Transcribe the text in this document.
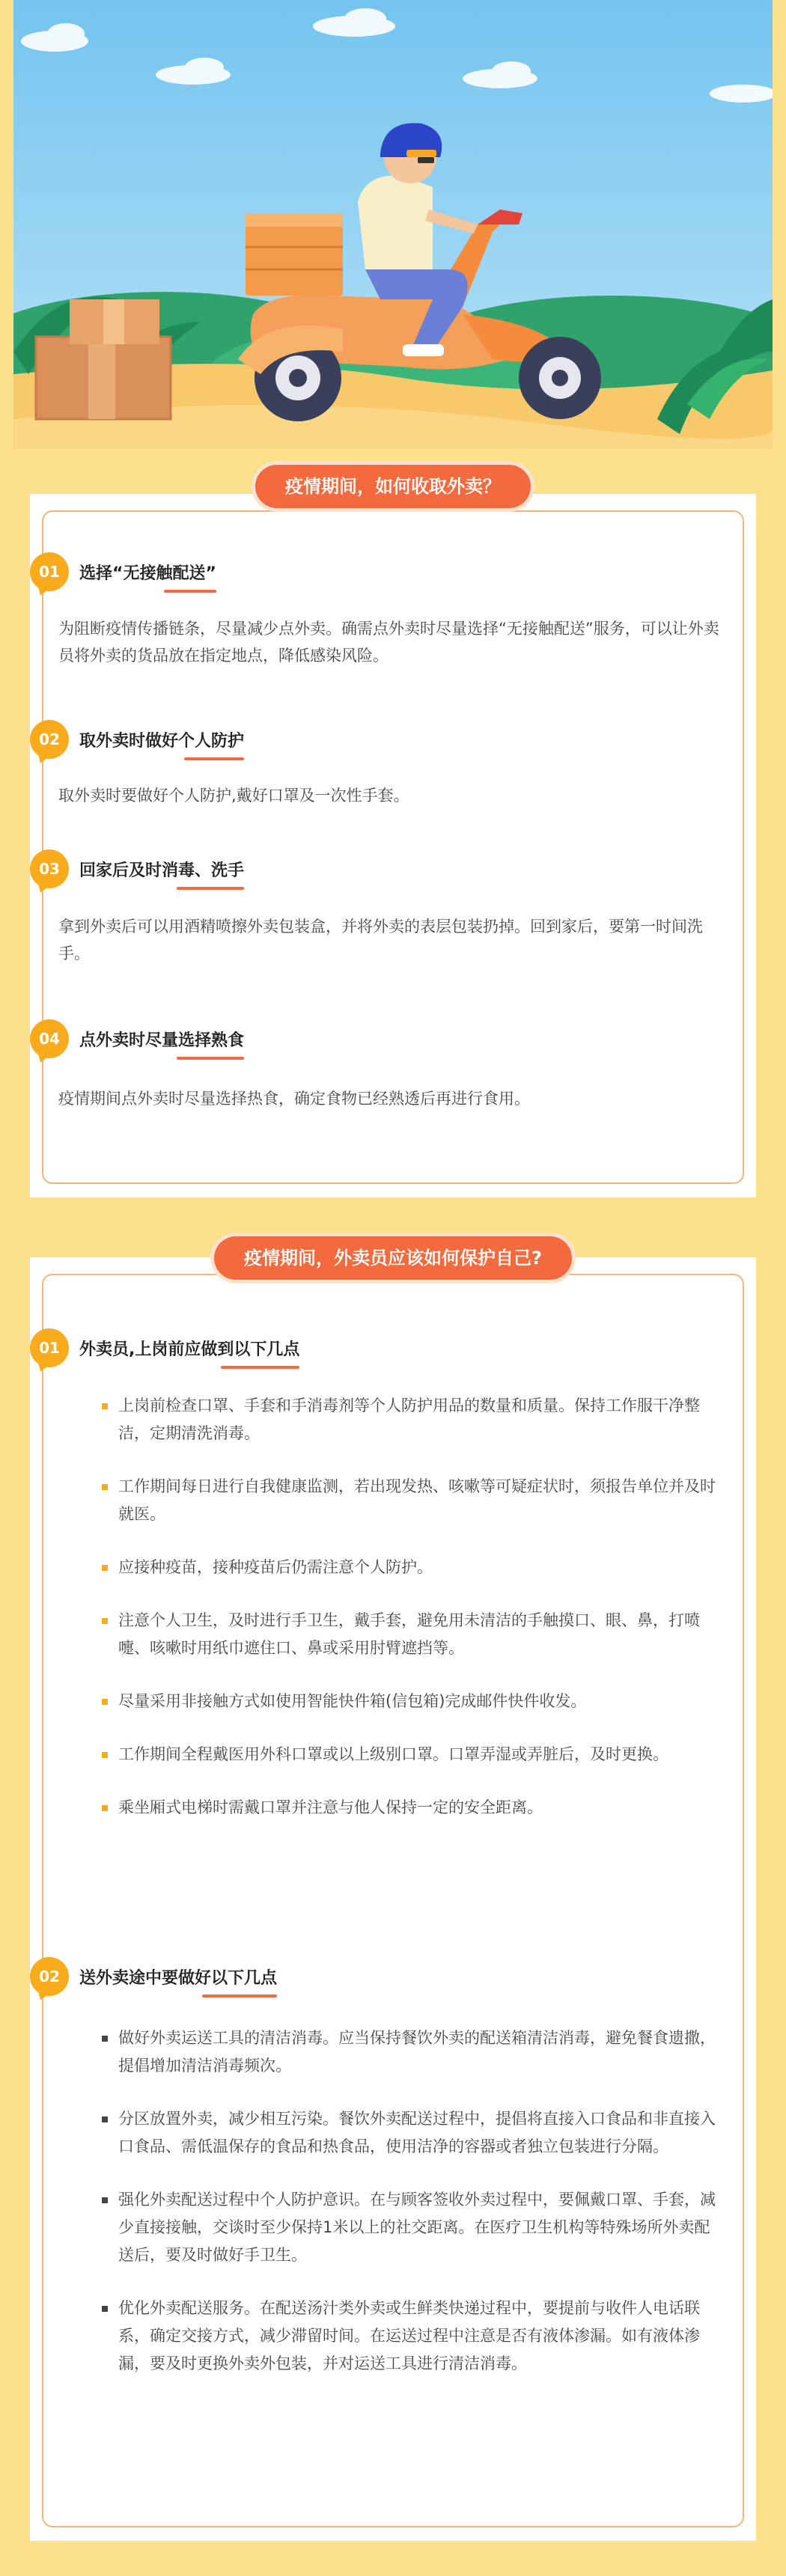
疫情期间，如何收取外卖？
01	选择“无接触配送”

为阻断疫情传播链条，尽量减少点外卖。确需点外卖时尽量选择“无接触配送”服务，可以让外卖员将外卖的货品放在指定地点，降低感染风险。

02	取外卖时做好个人防护

取外卖时要做好个人防护,戴好口罩及一次性手套。

03	回家后及时消毒、洗手

拿到外卖后可以用酒精喷擦外卖包装盒，并将外卖的表层包装扔掉。回到家后，要第一时间洗手。

04	点外卖时尽量选择熟食

疫情期间点外卖时尽量选择热食，确定食物已经熟透后再进行食用。

疫情期间，外卖员应该如何保护自己?
01	外卖员,上岗前应做到以下几点
上岗前检查口罩、手套和手消毒剂等个人防护用品的数量和质量。保持工作服干净整洁，定期清洗消毒。
工作期间每日进行自我健康监测，若出现发热、咳嗽等可疑症状时，须报告单位并及时就医。
应接种疫苗，接种疫苗后仍需注意个人防护。
注意个人卫生，及时进行手卫生，戴手套，避免用未清洁的手触摸口、眼、鼻，打喷嚏、咳嗽时用纸巾遮住口、鼻或采用肘臂遮挡等。
尽量采用非接触方式如使用智能快件箱(信包箱)完成邮件快件收发。
工作期间全程戴医用外科口罩或以上级别口罩。口罩弄湿或弄脏后，及时更换。
乘坐厢式电梯时需戴口罩并注意与他人保持一定的安全距离。
02	送外卖途中要做好以下几点
做好外卖运送工具的清洁消毒。应当保持餐饮外卖的配送箱清洁消毒，避免餐食遗撒，提倡增加清洁消毒频次。
分区放置外卖，减少相互污染。餐饮外卖配送过程中，提倡将直接入口食品和非直接入口食品、需低温保存的食品和热食品，使用洁净的容器或者独立包装进行分隔。
强化外卖配送过程中个人防护意识。在与顾客签收外卖过程中，要佩戴口罩、手套，减少直接接触，交谈时至少保持1米以上的社交距离。在医疗卫生机构等特殊场所外卖配送后，要及时做好手卫生。
优化外卖配送服务。在配送汤汁类外卖或生鲜类快递过程中，要提前与收件人电话联系，确定交接方式，减少滞留时间。在运送过程中注意是否有液体渗漏。如有液体渗漏，要及时更换外卖外包装，并对运送工具进行清洁消毒。
